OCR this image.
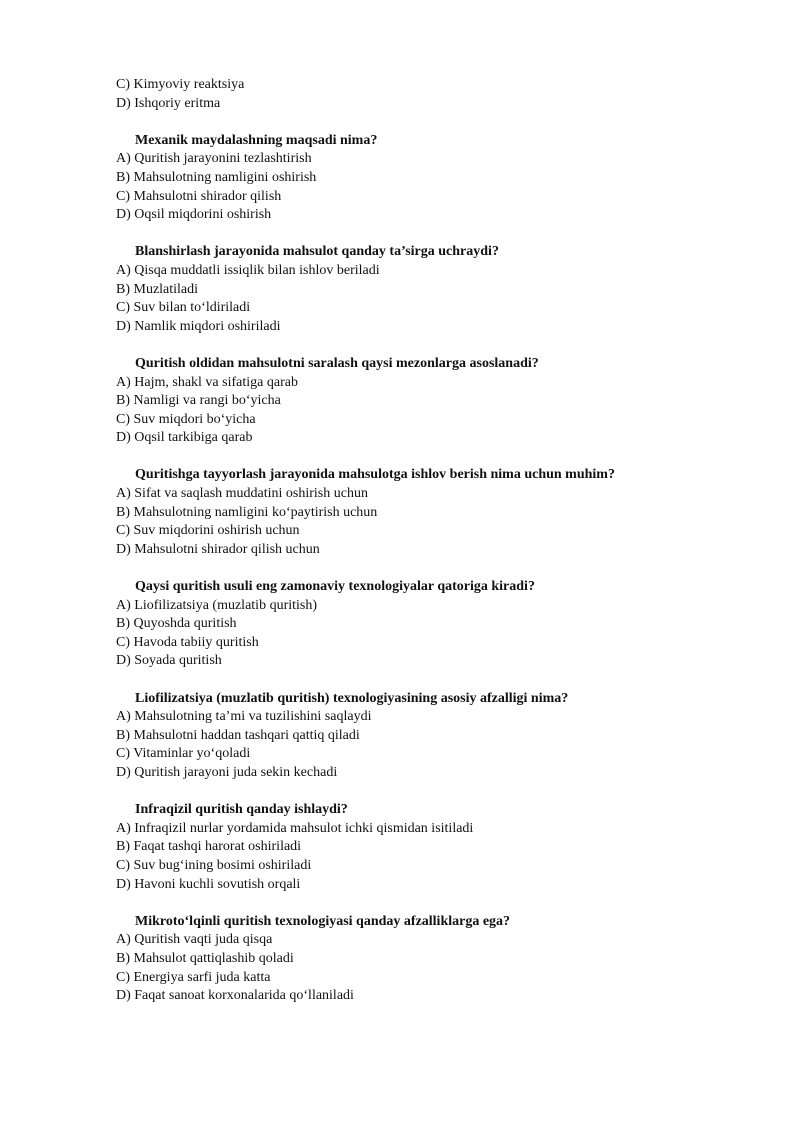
C) Kimyoviy reaktsiya
D) Ishqoriy eritma
Mexanik maydalashning maqsadi nima?
A) Quritish jarayonini tezlashtirish
B) Mahsulotning namligini oshirish
C) Mahsulotni shirador qilish
D) Oqsil miqdorini oshirish
Blanshirlash jarayonida mahsulot qanday ta’sirga uchraydi?
A) Qisqa muddatli issiqlik bilan ishlov beriladi
B) Muzlatiladi
C) Suv bilan to‘ldiriladi
D) Namlik miqdori oshiriladi
Quritish oldidan mahsulotni saralash qaysi mezonlarga asoslanadi?
A) Hajm, shakl va sifatiga qarab
B) Namligi va rangi bo‘yicha
C) Suv miqdori bo‘yicha
D) Oqsil tarkibiga qarab
Quritishga tayyorlash jarayonida mahsulotga ishlov berish nima uchun muhim?
A) Sifat va saqlash muddatini oshirish uchun
B) Mahsulotning namligini ko‘paytirish uchun
C) Suv miqdorini oshirish uchun
D) Mahsulotni shirador qilish uchun
Qaysi quritish usuli eng zamonaviy texnologiyalar qatoriga kiradi?
A) Liofilizatsiya (muzlatib quritish)
B) Quyoshda quritish
C) Havoda tabiiy quritish
D) Soyada quritish
Liofilizatsiya (muzlatib quritish) texnologiyasining asosiy afzalligi nima?
A) Mahsulotning ta’mi va tuzilishini saqlaydi
B) Mahsulotni haddan tashqari qattiq qiladi
C) Vitaminlar yo‘qoladi
D) Quritish jarayoni juda sekin kechadi
Infraqizil quritish qanday ishlaydi?
A) Infraqizil nurlar yordamida mahsulot ichki qismidan isitiladi
B) Faqat tashqi harorat oshiriladi
C) Suv bug‘ining bosimi oshiriladi
D) Havoni kuchli sovutish orqali
Mikroto‘lqinli quritish texnologiyasi qanday afzalliklarga ega?
A) Quritish vaqti juda qisqa
B) Mahsulot qattiqlashib qoladi
C) Energiya sarfi juda katta
D) Faqat sanoat korxonalarida qo‘llaniladi
